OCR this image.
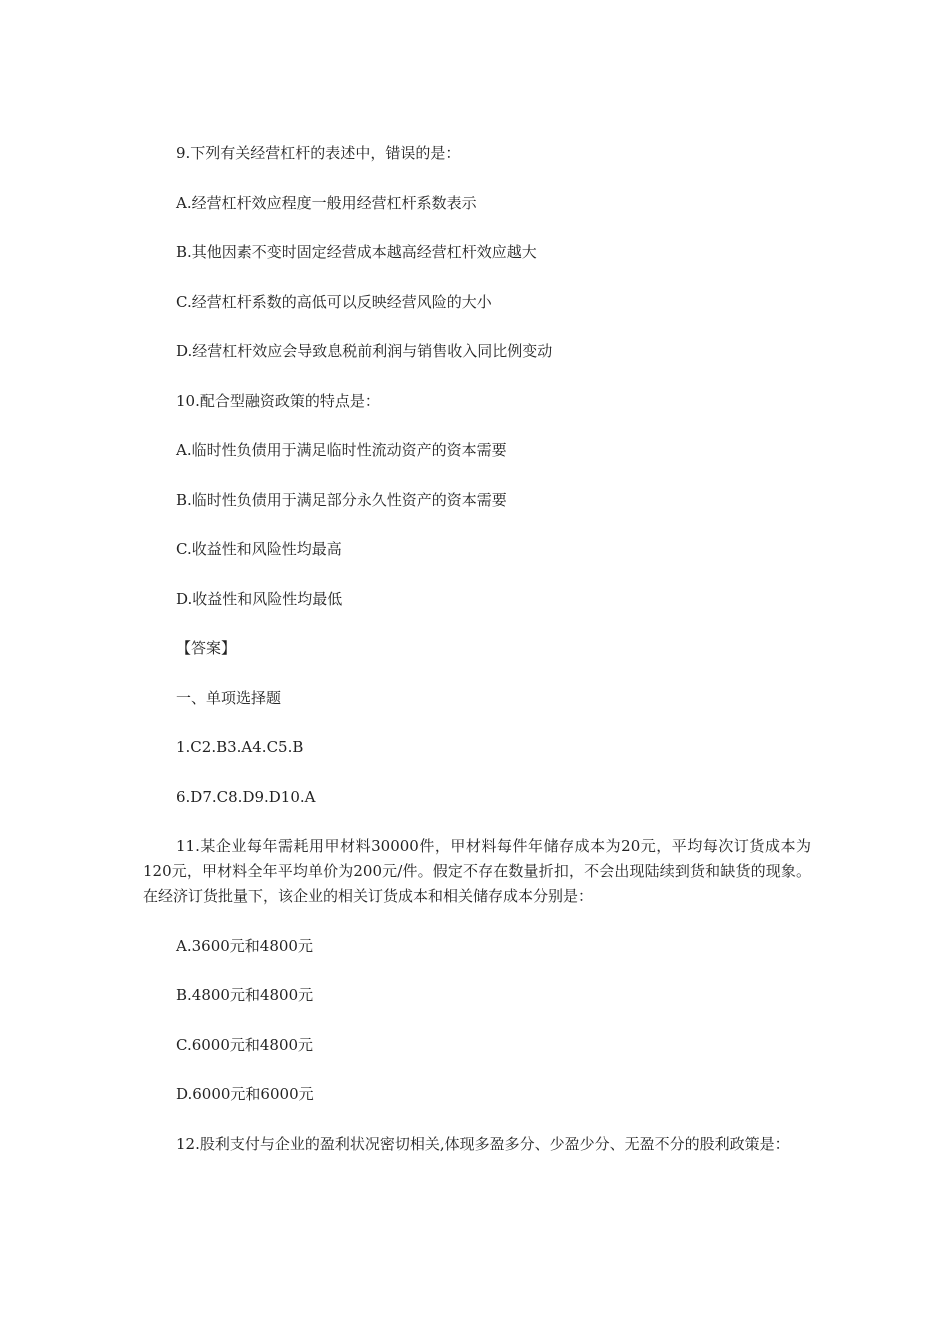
9.下列有关经营杠杆的表述中，错误的是：

A.经营杠杆效应程度一般用经营杠杆系数表示

B.其他因素不变时固定经营成本越高经营杠杆效应越大

C.经营杠杆系数的高低可以反映经营风险的大小

D.经营杠杆效应会导致息税前利润与销售收入同比例变动

10.配合型融资政策的特点是：

A.临时性负债用于满足临时性流动资产的资本需要

B.临时性负债用于满足部分永久性资产的资本需要

C.收益性和风险性均最高

D.收益性和风险性均最低

【答案】

一、单项选择题

1.C2.B3.A4.C5.B

6.D7.C8.D9.D10.A

11.某企业每年需耗用甲材料30000件，甲材料每件年储存成本为20元，平均每次订货成本为120元，甲材料全年平均单价为200元/件。假定不存在数量折扣，不会出现陆续到货和缺货的现象。在经济订货批量下，该企业的相关订货成本和相关储存成本分别是：

A.3600元和4800元

B.4800元和4800元

C.6000元和4800元

D.6000元和6000元

12.股利支付与企业的盈利状况密切相关,体现多盈多分、少盈少分、无盈不分的股利政策是：
